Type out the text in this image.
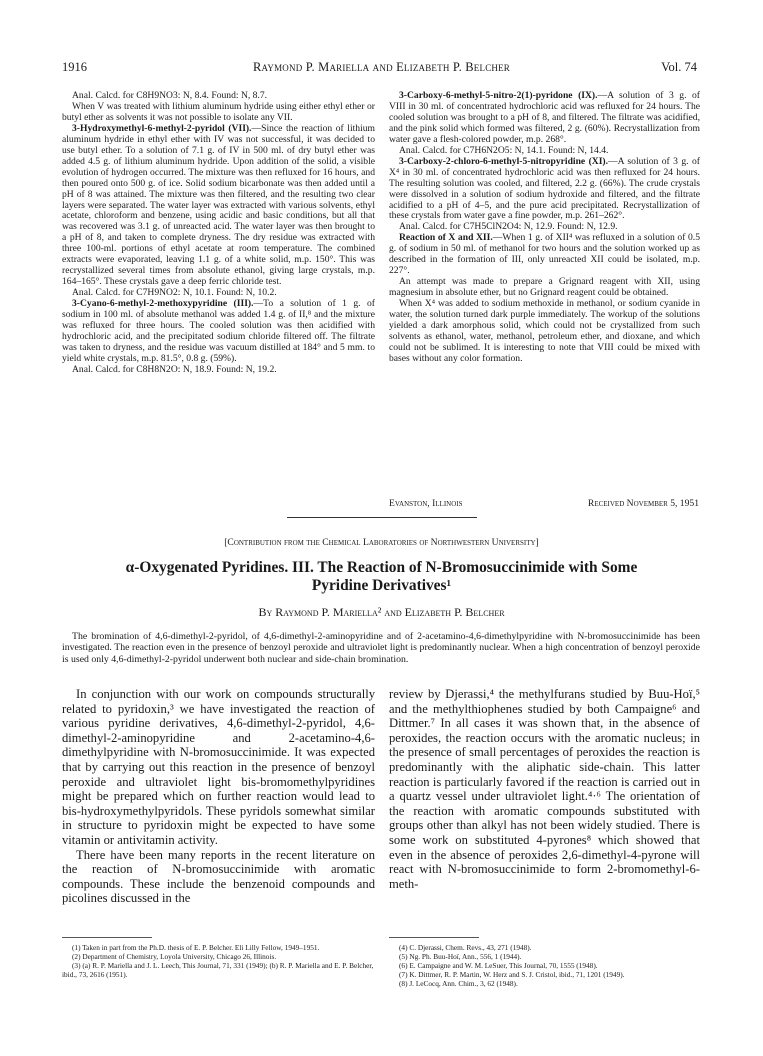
1916	Raymond P. Mariella and Elizabeth P. Belcher	Vol. 74

Anal. Calcd. for C8H9NO3: N, 8.4. Found: N, 8.7.

When V was treated with lithium aluminum hydride using either ethyl ether or butyl ether as solvents it was not possible to isolate any VII.

3-Hydroxymethyl-6-methyl-2-pyridol (VII).—Since the reaction of lithium aluminum hydride in ethyl ether with IV was not successful, it was decided to use butyl ether. To a solution of 7.1 g. of IV in 500 ml. of dry butyl ether was added 4.5 g. of lithium aluminum hydride. Upon addition of the solid, a visible evolution of hydrogen occurred. The mixture was then refluxed for 16 hours, and then poured onto 500 g. of ice. Solid sodium bicarbonate was then added until a pH of 8 was attained. The mixture was then filtered, and the resulting two clear layers were separated. The water layer was extracted with various solvents, ethyl acetate, chloroform and benzene, using acidic and basic conditions, but all that was recovered was 3.1 g. of unreacted acid. The water layer was then brought to a pH of 8, and taken to complete dryness. The dry residue was extracted with three 100-ml. portions of ethyl acetate at room temperature. The combined extracts were evaporated, leaving 1.1 g. of a white solid, m.p. 150°. This was recrystallized several times from absolute ethanol, giving large crystals, m.p. 164–165°. These crystals gave a deep ferric chloride test.

Anal. Calcd. for C7H9NO2: N, 10.1. Found: N, 10.2.

3-Cyano-6-methyl-2-methoxypyridine (III).—To a solution of 1 g. of sodium in 100 ml. of absolute methanol was added 1.4 g. of II,⁸ and the mixture was refluxed for three hours. The cooled solution was then acidified with hydrochloric acid, and the precipitated sodium chloride filtered off. The filtrate was taken to dryness, and the residue was vacuum distilled at 184° and 5 mm. to yield white crystals, m.p. 81.5°, 0.8 g. (59%).

Anal. Calcd. for C8H8N2O: N, 18.9. Found: N, 19.2.

3-Carboxy-6-methyl-5-nitro-2(1)-pyridone (IX).—A solution of 3 g. of VIII in 30 ml. of concentrated hydrochloric acid was refluxed for 24 hours. The cooled solution was brought to a pH of 8, and filtered. The filtrate was acidified, and the pink solid which formed was filtered, 2 g. (60%). Recrystallization from water gave a flesh-colored powder, m.p. 268°.

Anal. Calcd. for C7H6N2O5: N, 14.1. Found: N, 14.4.

3-Carboxy-2-chloro-6-methyl-5-nitropyridine (XI).—A solution of 3 g. of X⁴ in 30 ml. of concentrated hydrochloric acid was then refluxed for 24 hours. The resulting solution was cooled, and filtered, 2.2 g. (66%). The crude crystals were dissolved in a solution of sodium hydroxide and filtered, and the filtrate acidified to a pH of 4–5, and the pure acid precipitated. Recrystallization of these crystals from water gave a fine powder, m.p. 261–262°.

Anal. Calcd. for C7H5ClN2O4: N, 12.9. Found: N, 12.9.

Reaction of X and XII.—When 1 g. of XII⁴ was refluxed in a solution of 0.5 g. of sodium in 50 ml. of methanol for two hours and the solution worked up as described in the formation of III, only unreacted XII could be isolated, m.p. 227°.

An attempt was made to prepare a Grignard reagent with XII, using magnesium in absolute ether, but no Grignard reagent could be obtained.

When X⁴ was added to sodium methoxide in methanol, or sodium cyanide in water, the solution turned dark purple immediately. The workup of the solutions yielded a dark amorphous solid, which could not be crystallized from such solvents as ethanol, water, methanol, petroleum ether, and dioxane, and which could not be sublimed. It is interesting to note that VIII could be mixed with bases without any color formation.

Evanston, Illinois	Received November 5, 1951
[Contribution from the Chemical Laboratories of Northwestern University]
α-Oxygenated Pyridines. III. The Reaction of N-Bromosuccinimide with Some
Pyridine Derivatives¹
By Raymond P. Mariella² and Elizabeth P. Belcher
The bromination of 4,6-dimethyl-2-pyridol, of 4,6-dimethyl-2-aminopyridine and of 2-acetamino-4,6-dimethylpyridine with N-bromosuccinimide has been investigated. The reaction even in the presence of benzoyl peroxide and ultraviolet light is predominantly nuclear. When a high concentration of benzoyl peroxide is used only 4,6-dimethyl-2-pyridol underwent both nuclear and side-chain bromination.

In conjunction with our work on compounds structurally related to pyridoxin,³ we have investigated the reaction of various pyridine derivatives, 4,6-dimethyl-2-pyridol, 4,6-dimethyl-2-aminopyridine and 2-acetamino-4,6-dimethylpyridine with N-bromosuccinimide. It was expected that by carrying out this reaction in the presence of benzoyl peroxide and ultraviolet light bis-bromomethylpyridines might be prepared which on further reaction would lead to bis-hydroxymethylpyridols. These pyridols somewhat similar in structure to pyridoxin might be expected to have some vitamin or antivitamin activity.

There have been many reports in the recent literature on the reaction of N-bromosuccinimide with aromatic compounds. These include the benzenoid compounds and picolines discussed in the

review by Djerassi,⁴ the methylfurans studied by Buu-Hoï,⁵ and the methylthiophenes studied by both Campaigne⁶ and Dittmer.⁷ In all cases it was shown that, in the absence of peroxides, the reaction occurs with the aromatic nucleus; in the presence of small percentages of peroxides the reaction is predominantly with the aliphatic side-chain. This latter reaction is particularly favored if the reaction is carried out in a quartz vessel under ultraviolet light.⁴·⁶ The orientation of the reaction with aromatic compounds substituted with groups other than alkyl has not been widely studied. There is some work on substituted 4-pyrones⁸ which showed that even in the absence of peroxides 2,6-dimethyl-4-pyrone will react with N-bromosuccinimide to form 2-bromomethyl-6-meth-

(1) Taken in part from the Ph.D. thesis of E. P. Belcher. Eli Lilly Fellow, 1949–1951.

(2) Department of Chemistry, Loyola University, Chicago 26, Illinois.

(3) (a) R. P. Mariella and J. L. Leech, This Journal, 71, 331 (1949); (b) R. P. Mariella and E. P. Belcher, ibid., 73, 2616 (1951).

(4) C. Djerassi, Chem. Revs., 43, 271 (1948).

(5) Ng. Ph. Buu-Hoï, Ann., 556, 1 (1944).

(6) E. Campaigne and W. M. LeSuer, This Journal, 70, 1555 (1948).

(7) K. Dittmer, R. P. Martin, W. Herz and S. J. Cristol, ibid., 71, 1201 (1949).

(8) J. LeCocq, Ann. Chim., 3, 62 (1948).
